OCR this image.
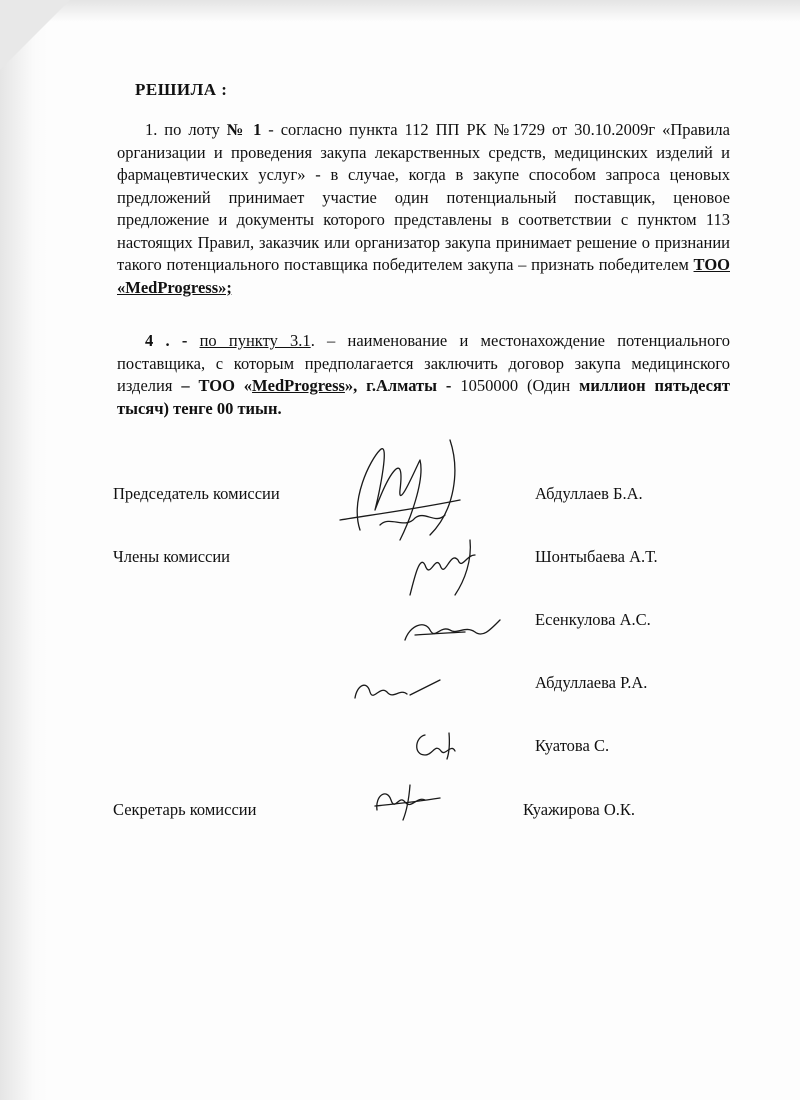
РЕШИЛА :
1. по лоту № 1 - согласно пункта 112 ПП РК №1729 от 30.10.2009г «Правила организации и проведения закупа лекарственных средств, медицинских изделий и фармацевтических услуг» - в случае, когда в закупе способом запроса ценовых предложений принимает участие один потенциальный поставщик, ценовое предложение и документы которого представлены в соответствии с пунктом 113 настоящих Правил, заказчик или организатор закупа принимает решение о признании такого потенциального поставщика победителем закупа – признать победителем ТОО «MedProgress»;
4 . - по пункту 3.1. – наименование и местонахождение потенциального поставщика, с которым предполагается заключить договор закупа медицинского изделия – ТОО «MedProgress», г.Алматы - 1050000 (Один миллион пятьдесят тысяч) тенге 00 тиын.
Председатель комиссии	Абдуллаев Б.А.
Члены комиссии	Шонтыбаева А.Т.
Есенкулова А.С.
Абдуллаева Р.А.
Куатова С.
Секретарь комиссии	Куажирова О.К.
